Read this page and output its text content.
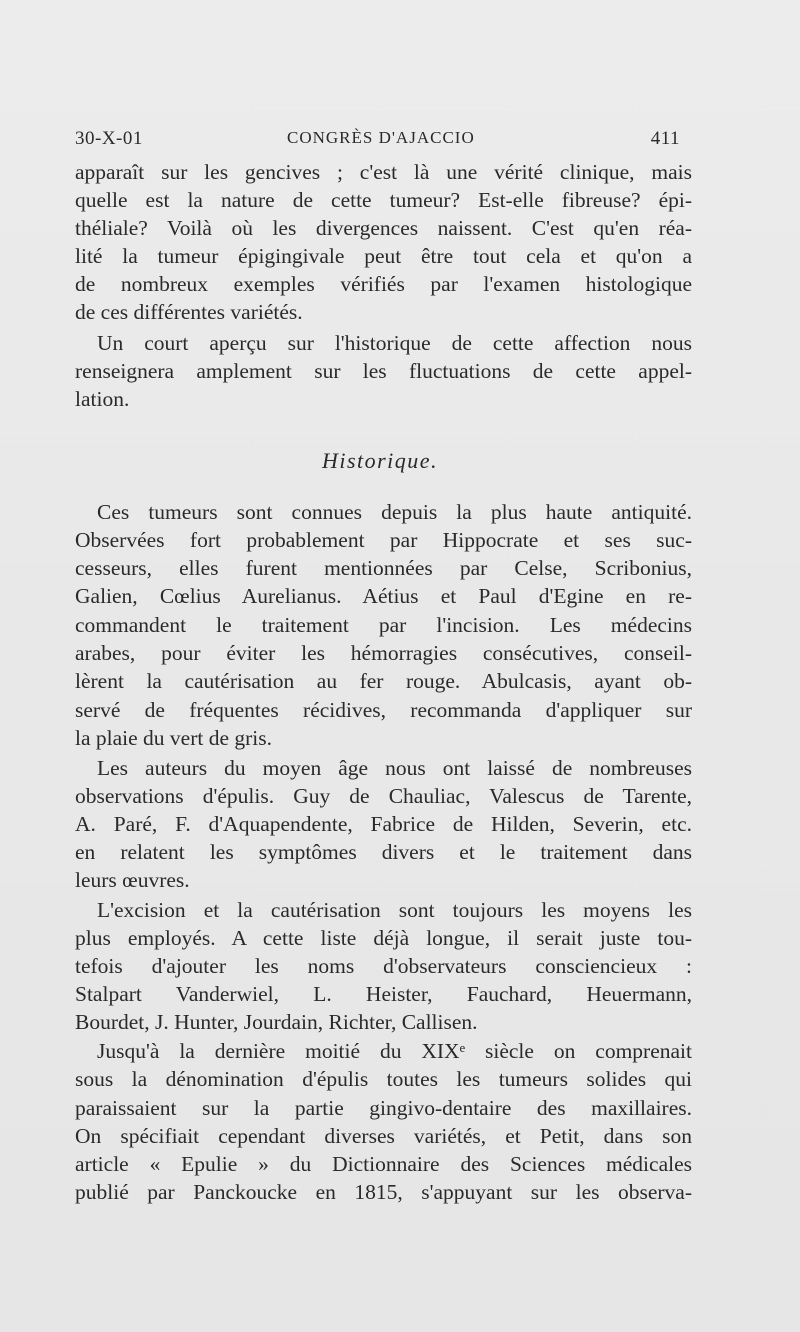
30-X-01	CONGRÈS D'AJACCIO	411
apparaît sur les gencives ; c'est là une vérité clinique, mais
quelle est la nature de cette tumeur? Est-elle fibreuse? épi-
théliale? Voilà où les divergences naissent. C'est qu'en réa-
lité la tumeur épigingivale peut être tout cela et qu'on a
de nombreux exemples vérifiés par l'examen histologique
de ces différentes variétés.
Un court aperçu sur l'historique de cette affection nous
renseignera amplement sur les fluctuations de cette appel-
lation.
Historique.
Ces tumeurs sont connues depuis la plus haute antiquité.
Observées fort probablement par Hippocrate et ses suc-
cesseurs, elles furent mentionnées par Celse, Scribonius,
Galien, Cœlius Aurelianus. Aétius et Paul d'Egine en re-
commandent le traitement par l'incision. Les médecins
arabes, pour éviter les hémorragies consécutives, conseil-
lèrent la cautérisation au fer rouge. Abulcasis, ayant ob-
servé de fréquentes récidives, recommanda d'appliquer sur
la plaie du vert de gris.
Les auteurs du moyen âge nous ont laissé de nombreuses
observations d'épulis. Guy de Chauliac, Valescus de Tarente,
A. Paré, F. d'Aquapendente, Fabrice de Hilden, Severin, etc.
en relatent les symptômes divers et le traitement dans
leurs œuvres.
L'excision et la cautérisation sont toujours les moyens les
plus employés. A cette liste déjà longue, il serait juste tou-
tefois d'ajouter les noms d'observateurs consciencieux :
Stalpart Vanderwiel, L. Heister, Fauchard, Heuermann,
Bourdet, J. Hunter, Jourdain, Richter, Callisen.
Jusqu'à la dernière moitié du XIXᵉ siècle on comprenait
sous la dénomination d'épulis toutes les tumeurs solides qui
paraissaient sur la partie gingivo-dentaire des maxillaires.
On spécifiait cependant diverses variétés, et Petit, dans son
article « Epulie » du Dictionnaire des Sciences médicales
publié par Panckoucke en 1815, s'appuyant sur les observa-
